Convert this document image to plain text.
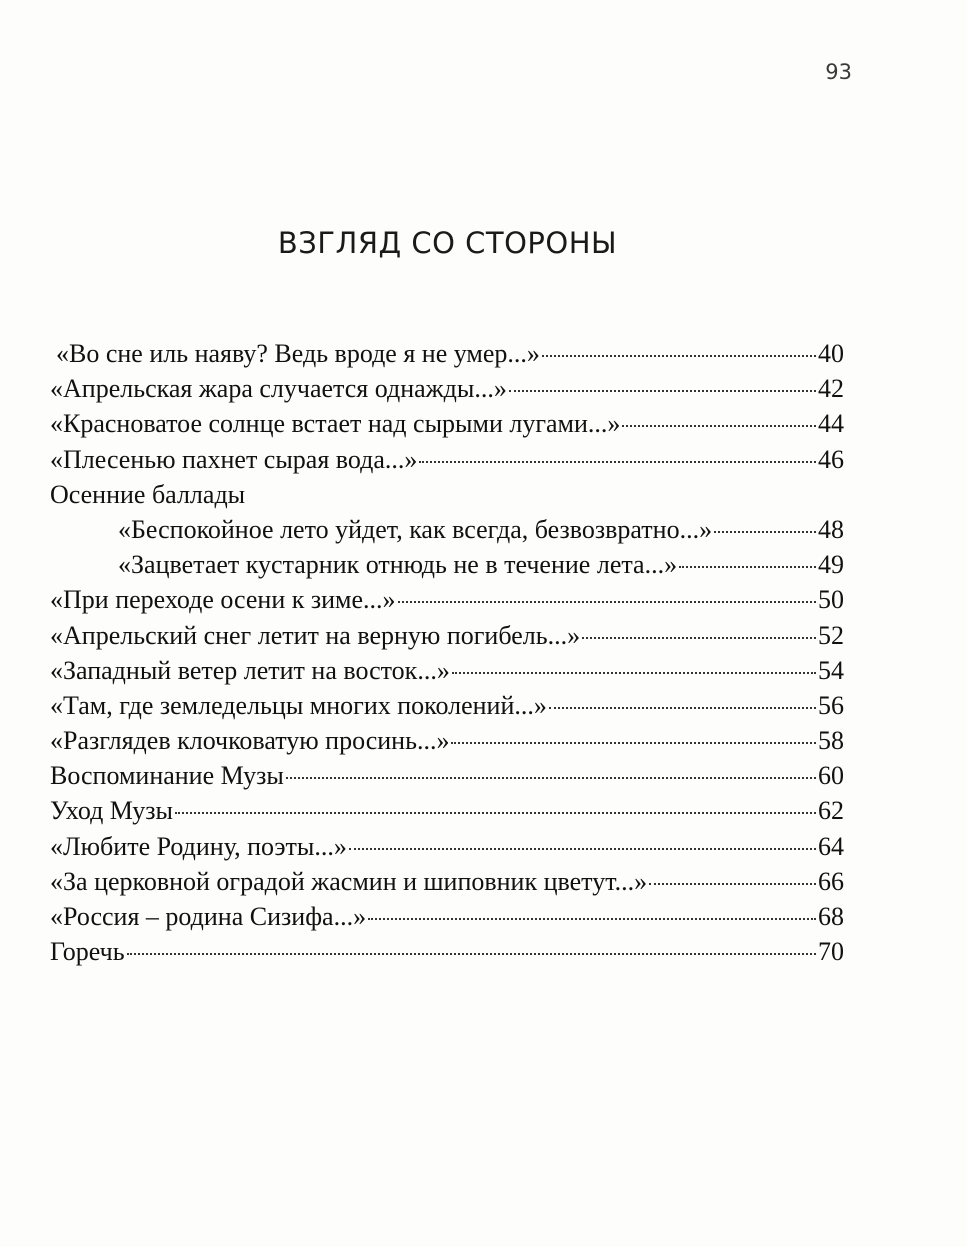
93
ВЗГЛЯД СО СТОРОНЫ
«Во сне иль наяву? Ведь вроде я не умер...»	40
«Апрельская жара случается однажды...»	42
«Красноватое солнце встает над сырыми лугами...»	44
«Плесенью пахнет сырая вода...»	46
Осенние баллады
«Беспокойное лето уйдет, как всегда, безвозвратно...»	48
«Зацветает кустарник отнюдь не в течение лета...»	49
«При переходе осени к зиме...»	50
«Апрельский снег летит на верную погибель...»	52
«Западный ветер летит на восток...»	54
«Там, где земледельцы многих поколений...»	56
«Разглядев клочковатую просинь...»	58
Воспоминание Музы	60
Уход Музы	62
«Любите Родину, поэты...»	64
«За церковной оградой жасмин и шиповник цветут...»	66
«Россия – родина Сизифа...»	68
Горечь	70
